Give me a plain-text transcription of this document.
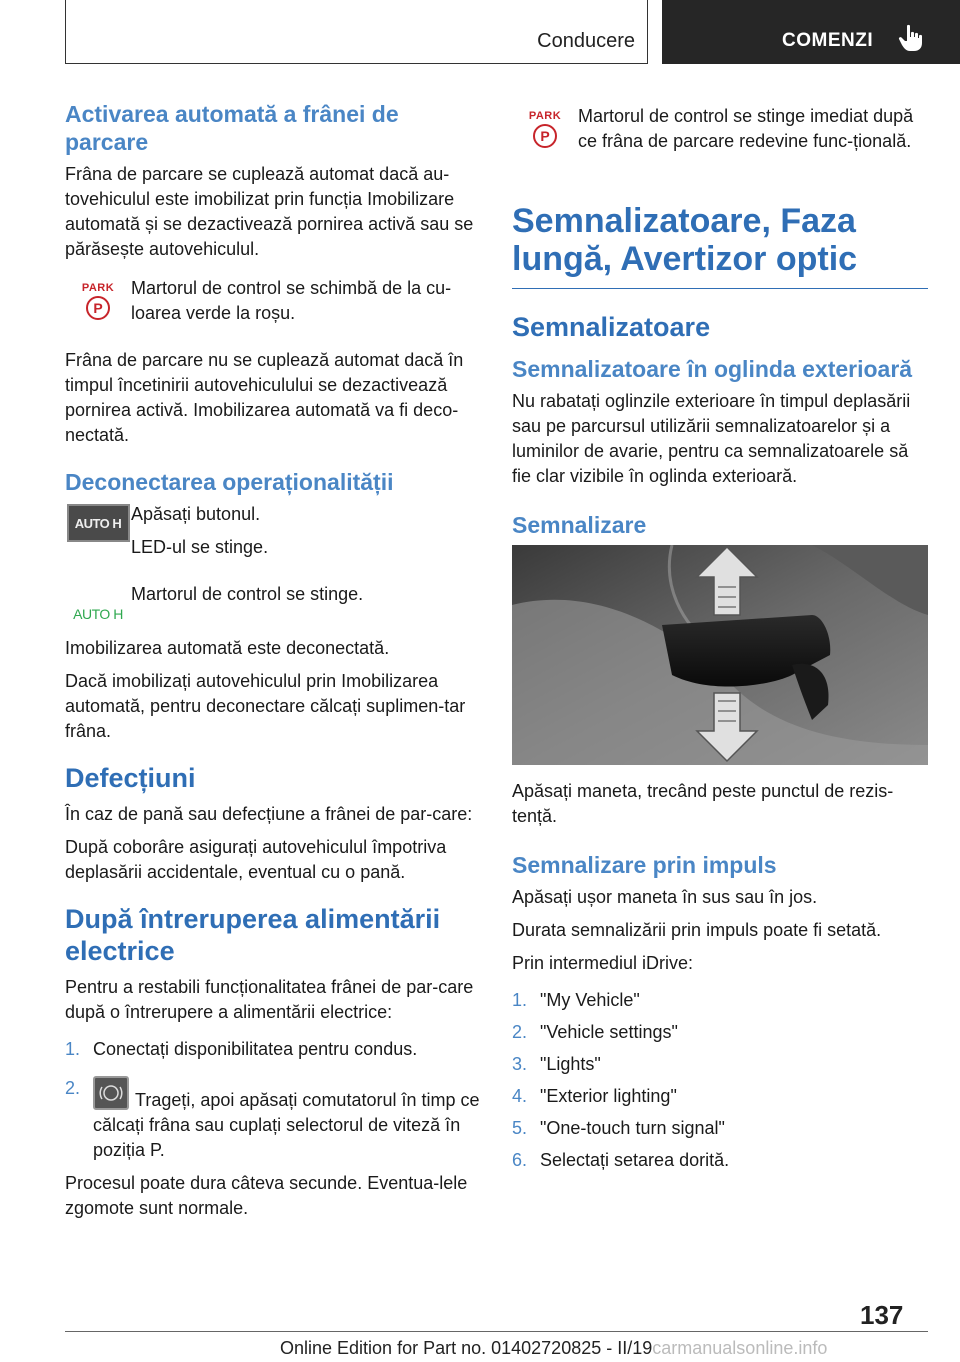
Conducere	COMENZI
Activarea automată a frânei de parcare

Frâna de parcare se cuplează automat dacă au-tovehiculul este imobilizat prin funcția Imobilizare automată și se dezactivează pornirea activă sau se părăsește autovehiculul.

PARK
P

Martorul de control se schimbă de la cu-loarea verde la roșu.

Frâna de parcare nu se cuplează automat dacă în timpul încetinirii autovehiculului se dezactivează pornirea activă. Imobilizarea automată va fi deco-nectată.

Deconectarea operaționalității
AUTO H Apăsați butonul.

LED-ul se stinge.

AUTO H

Martorul de control se stinge.

Imobilizarea automată este deconectată.

Dacă imobilizați autovehiculul prin Imobilizarea automată, pentru deconectare călcați suplimen-tar frâna.

Defecțiuni

În caz de pană sau defecțiune a frânei de par-care:

După coborâre asigurați autovehiculul împotriva deplasării accidentale, eventual cu o pană.

După întreruperea alimentării electrice

Pentru a restabili funcționalitatea frânei de par-care după o întrerupere a alimentării electrice:

1. Conectați disponibilitatea pentru condus.
2.
Trageți, apoi apăsați comutatorul în timp ce călcați frâna sau cuplați selectorul de viteză în poziția P.

Procesul poate dura câteva secunde. Eventua-lele zgomote sunt normale.

PARK
P

Martorul de control se stinge imediat după ce frâna de parcare redevine func-țională.

Semnalizatoare, Faza lungă, Avertizor optic
Semnalizatoare
Semnalizatoare în oglinda exterioară

Nu rabatați oglinzile exterioare în timpul deplasării sau pe parcursul utilizării semnalizatoarelor și a luminilor de avarie, pentru ca semnalizatoarele să fie clar vizibile în oglinda exterioară.

Semnalizare

Apăsați maneta, trecând peste punctul de rezis-tență.

Semnalizare prin impuls

Apăsați ușor maneta în sus sau în jos.

Durata semnalizării prin impuls poate fi setată.

Prin intermediul iDrive:

1. "My Vehicle"
2. "Vehicle settings"
3. "Lights"
4. "Exterior lighting"
5. "One-touch turn signal"
6. Selectați setarea dorită.
137
Online Edition for Part no. 01402720825 - II/19carmanualsonline.info
